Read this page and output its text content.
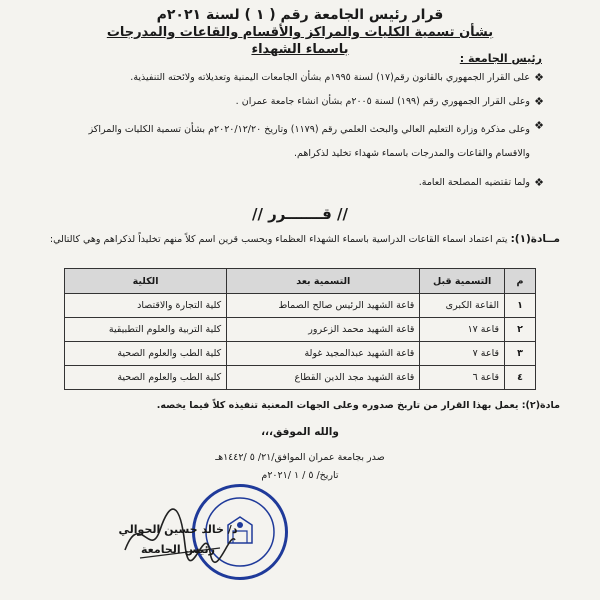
قرار رئيس الجامعة رقم ( ١ ) لسنة ٢٠٢١م
بشأن تسمية الكليات والمراكز والأقسام والقاعات والمدرجات باسماء الشهداء
رئيس الجامعة :
❖
على القرار الجمهوري بالقانون رقم(١٧) لسنة ١٩٩٥م بشأن الجامعات اليمنية وتعديلاته ولائحته التنفيذية.
❖
وعلى القرار الجمهوري رقم (١٩٩) لسنة ٢٠٠٥م بشأن انشاء جامعة عمران .
❖
وعلى مذكرة وزارة التعليم العالي والبحث العلمي رقم (١١٧٩) وتاريخ ٢٠٢٠/١٢/٢٠م بشأن تسمية الكليات والمراكز والاقسام والقاعات والمدرجات باسماء شهداء تخليد لذكراهم.
❖
ولما تقتضيه المصلحة العامة.
// قـــــــرر //
مــادة(١): يتم اعتماد اسماء القاعات الدراسية باسماء الشهداء العظماء وبحسب قرين اسم كلاً منهم تخليداً لذكراهم وهي كالتالي:
م	التسمية قبل	التسمية بعد	الكلية
١	القاعة الكبرى	قاعة الشهيد الرئيس صالح الصماط	كلية التجارة والاقتصاد
٢	قاعة ١٧	قاعة الشهيد محمد الزعرور	كلية التربية والعلوم التطبيقية
٣	قاعة ٧	قاعة الشهيد عبدالمجيد غولة	كلية الطب والعلوم الصحية
٤	قاعة ٦	قاعة الشهيد مجد الدين القطاع	كلية الطب والعلوم الصحية
مادة(٢): يعمل بهذا القرار من تاريخ صدوره وعلى الجهات المعنية تنفيذه كلاً فيما يخصه.
والله الموفق،،،
صدر بجامعة عمران الموافق/٢١/ ٥ /١٤٤٢هـ
تاريخ/ ٥ / ١ /٢٠٢١م
د/ خالد حسين الحوالي
رئيس الجامعة
